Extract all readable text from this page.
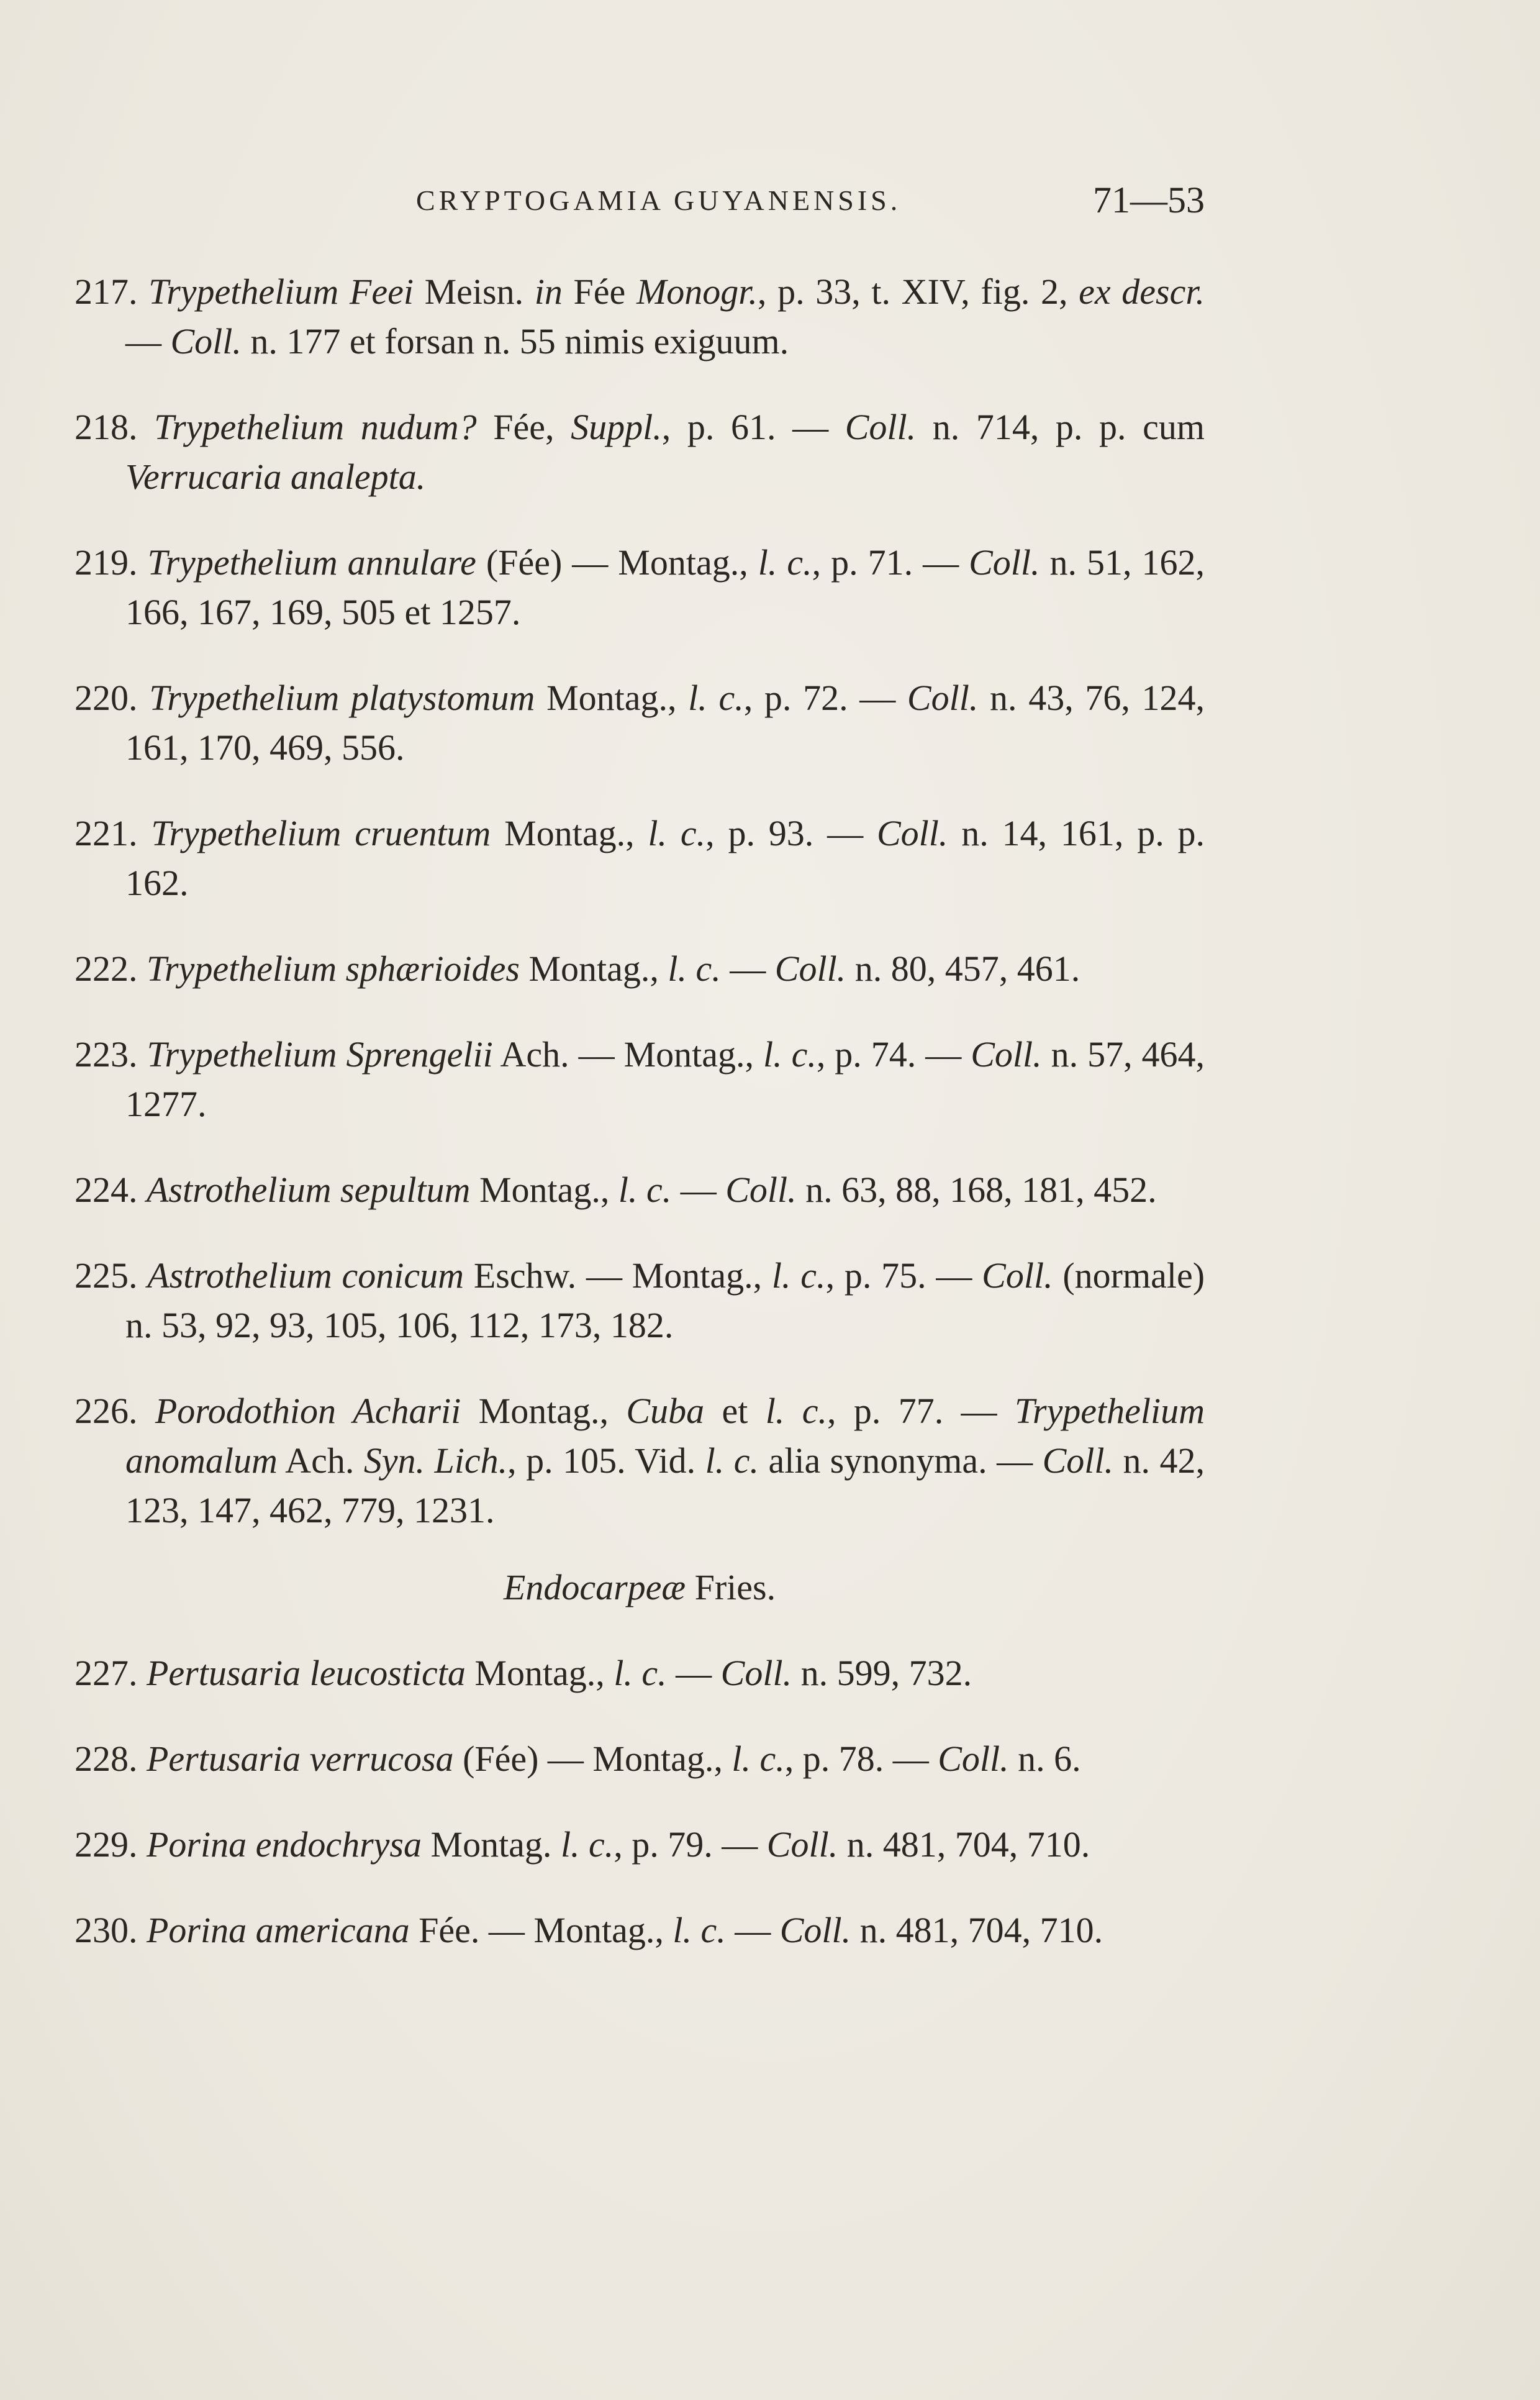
CRYPTOGAMIA GUYANENSIS.	71—53

217. Trypethelium Feei Meisn. in Fée Monogr., p. 33, t. XIV, fig. 2, ex descr. — Coll. n. 177 et forsan n. 55 nimis exiguum.

218. Trypethelium nudum? Fée, Suppl., p. 61. — Coll. n. 714, p. p. cum Verrucaria analepta.

219. Trypethelium annulare (Fée) — Montag., l. c., p. 71. — Coll. n. 51, 162, 166, 167, 169, 505 et 1257.

220. Trypethelium platystomum Montag., l. c., p. 72. — Coll. n. 43, 76, 124, 161, 170, 469, 556.

221. Trypethelium cruentum Montag., l. c., p. 93. — Coll. n. 14, 161, p. p. 162.

222. Trypethelium sphærioides Montag., l. c. — Coll. n. 80, 457, 461.

223. Trypethelium Sprengelii Ach. — Montag., l. c., p. 74. — Coll. n. 57, 464, 1277.

224. Astrothelium sepultum Montag., l. c. — Coll. n. 63, 88, 168, 181, 452.

225. Astrothelium conicum Eschw. — Montag., l. c., p. 75. — Coll. (normale) n. 53, 92, 93, 105, 106, 112, 173, 182.

226. Porodothion Acharii Montag., Cuba et l. c., p. 77. — Trypethelium anomalum Ach. Syn. Lich., p. 105. Vid. l. c. alia synonyma. — Coll. n. 42, 123, 147, 462, 779, 1231.

Endocarpeæ Fries.

227. Pertusaria leucosticta Montag., l. c. — Coll. n. 599, 732.

228. Pertusaria verrucosa (Fée) — Montag., l. c., p. 78. — Coll. n. 6.

229. Porina endochrysa Montag. l. c., p. 79. — Coll. n. 481, 704, 710.

230. Porina americana Fée. — Montag., l. c. — Coll. n. 481, 704, 710.
